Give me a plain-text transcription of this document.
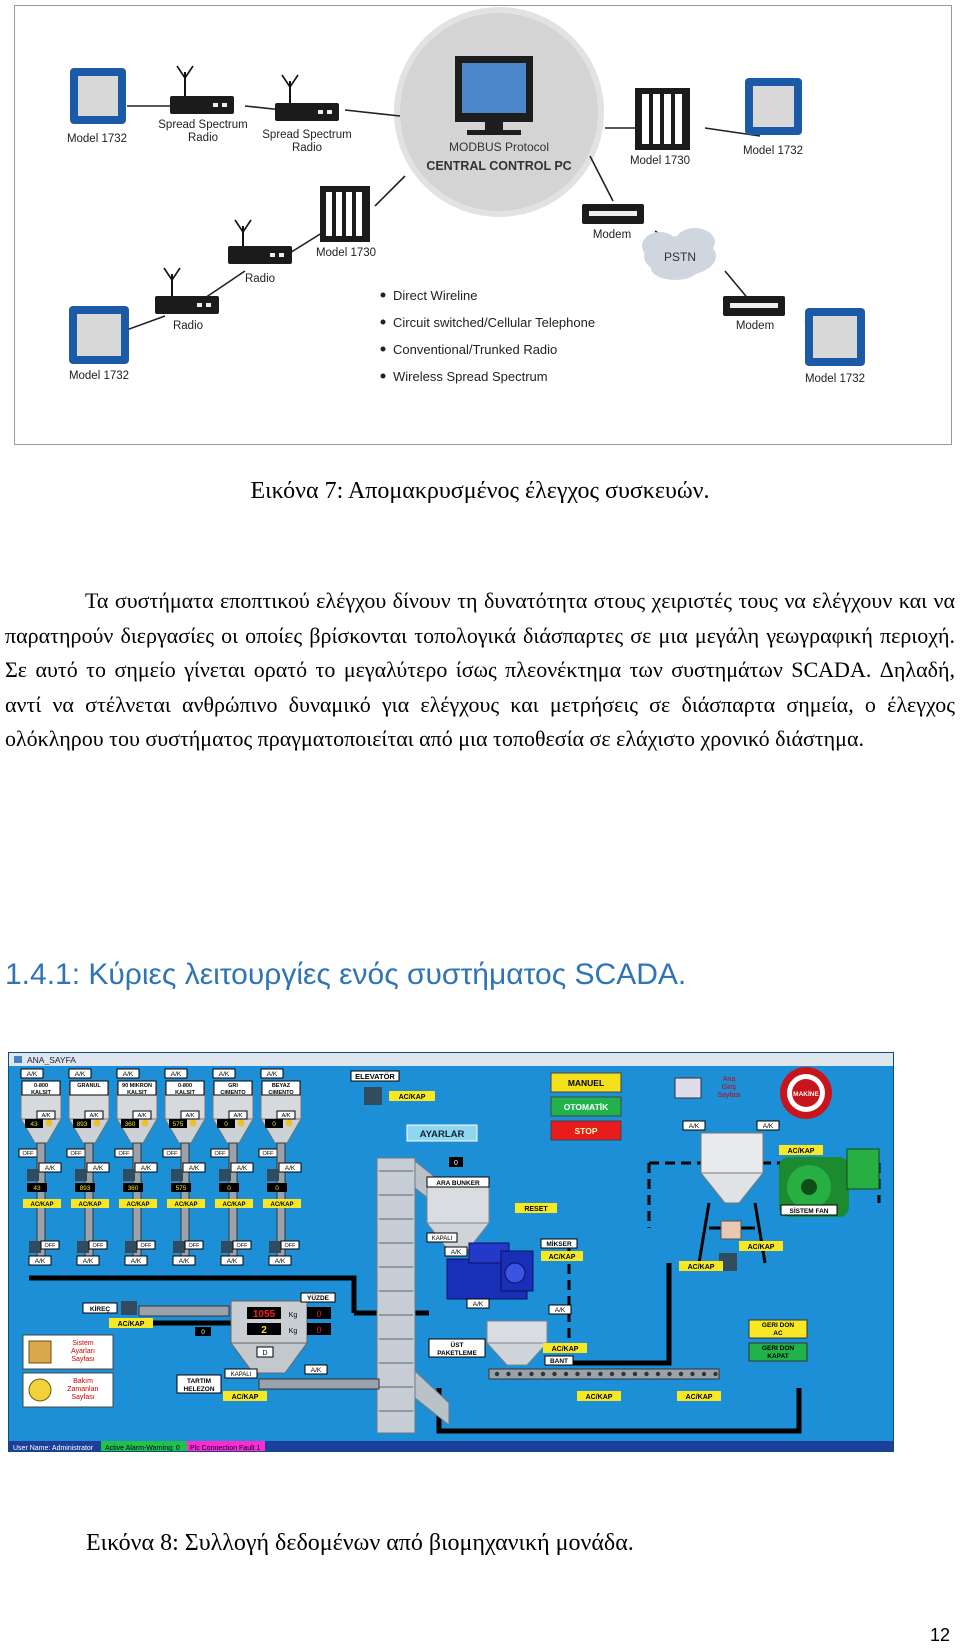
Model 1732
Spread Spectrum Radio	Spread Spectrum Radio	MODBUS Protocol
CENTRAL CONTROL PC	Model 1730
Model 1732
Model 1730
Radio
Radio
Modem
PSTN
Modem
Model 1732	Model 1732
Direct Wireline
Circuit switched/Cellular Telephone
Conventional/Trunked Radio
Wireless Spread Spectrum
Εικόνα 7: Απομακρυσμένος έλεγχος συσκευών.

Τα συστήματα εποπτικού ελέγχου δίνουν τη δυνατότητα στους χειριστές τους να ελέγχουν και να παρατηρούν διεργασίες οι οποίες βρίσκονται τοπολογικά διάσπαρτες σε μια μεγάλη γεωγραφική περιοχή. Σε αυτό το σημείο γίνεται ορατό το μεγαλύτερο ίσως πλεονέκτημα των συστημάτων SCADA. Δηλαδή, αντί να στέλνεται ανθρώπινο δυναμικό για ελέγχους και μετρήσεις σε διάσπαρτα σημεία, ο έλεγχος ολόκληρου του συστήματος πραγματοποιείται από μια τοποθεσία σε ελάχιστο χρονικό διάστημα.

1.4.1: Κύριες λειτουργίες ενός συστήματος SCADA.
ANA_SAYFA
A/K	A/K	A/K	A/K	A/K	A/K
0-800 KALSIT
A/K
43
OFF
A/K
43
AC/KAP
OFF
A/K
GRANUL
A/K
893
OFF
A/K
893
AC/KAP
OFF
A/K
90 MIKRON KALSIT
A/K
360
OFF
A/K
360
AC/KAP
OFF
A/K
0-800 KALSIT
A/K
575
OFF
A/K
575
AC/KAP
OFF
A/K
GRI CIMENTO
A/K
0
OFF
A/K
0
AC/KAP
OFF
A/K
BEYAZ CIMENTO
A/K
0
OFF
A/K
0
AC/KAP
OFF
A/K
ELEVATÖR
AC/KAP
AYARLAR
MANUEL
OTOMATİK
STOP
Ana Giriş Sayfası	MAKİNE
A/K	A/K
AC/KAP
SİSTEM FAN
0
ARA BUNKER
RESET
KAPALI
A/K
MİKSER
AC/KAP
A/K
A/K
ÜST PAKETLEME
AC/KAP
BANT
AC/KAP	AC/KAP
AC/KAP
AC/KAP
GERI DON AC
GERI DON KAPAT
1055 Kg
2	Kg
YÜZDE
0
0
D
0
A/K
KİREÇ
AC/KAP
TARTIM HELEZON
KAPALI
AC/KAP
Sistem Ayarları Sayfası
Bakım Zamanları Sayfası
User Name: Administrator Active Alarm-Warning: 0 Plc Connection Fault 1
Εικόνα 8: Συλλογή δεδομένων από βιομηχανική μονάδα.
12
